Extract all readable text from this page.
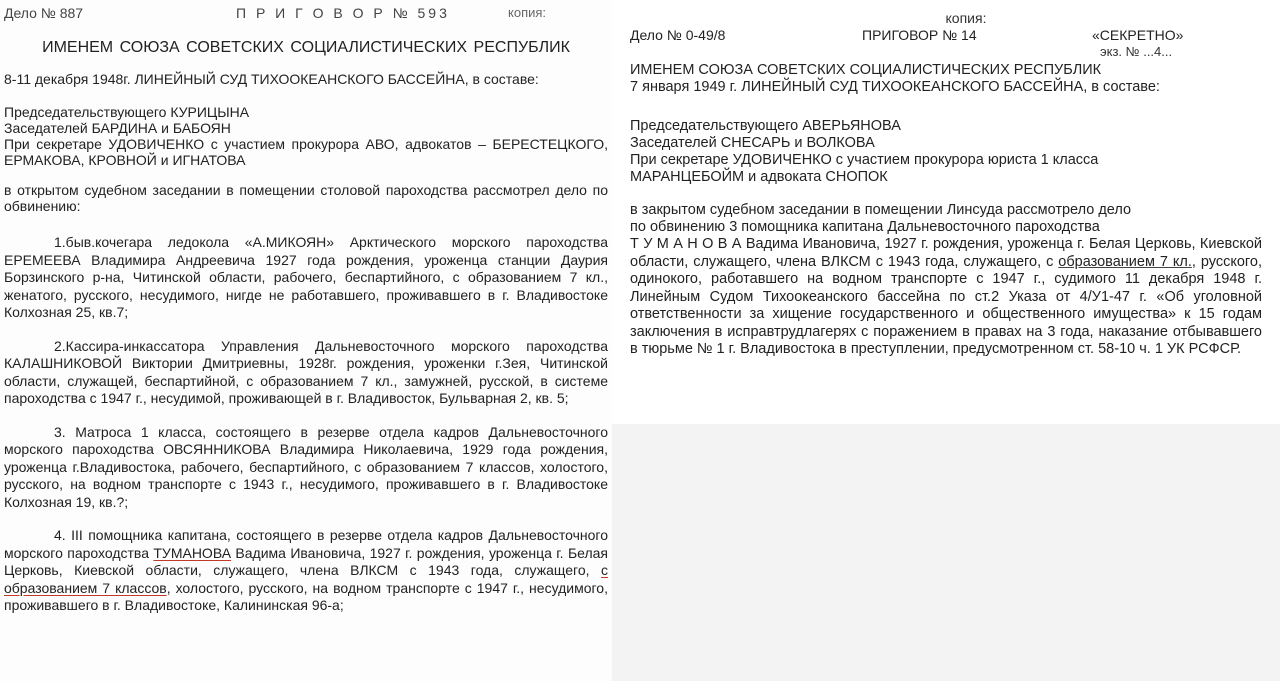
Дело № 887	П Р И Г О В О Р № 593	копия:
ИМЕНЕМ СОЮЗА СОВЕТСКИХ СОЦИАЛИСТИЧЕСКИХ РЕСПУБЛИК
8-11 декабря 1948г. ЛИНЕЙНЫЙ СУД ТИХООКЕАНСКОГО БАССЕЙНА, в составе:

Председательствующего КУРИЦЫНА

Заседателей БАРДИНА и БАБОЯН

При секретаре УДОВИЧЕНКО с участием прокурора АВО, адвокатов – БЕРЕСТЕЦКОГО, ЕРМАКОВА, КРОВНОЙ и ИГНАТОВА

в открытом судебном заседании в помещении столовой пароходства рассмотрел дело по обвинению:

1.быв.кочегара ледокола «А.МИКОЯН» Арктического морского пароходства ЕРЕМЕЕВА Владимира Андреевича 1927 года рождения, уроженца станции Даурия Борзинского р-на, Читинской области, рабочего, беспартийного, с образованием 7 кл., женатого, русского, несудимого, нигде не работавшего, проживавшего в г. Владивостоке Колхозная 25, кв.7;

2.Кассира-инкассатора Управления Дальневосточного морского пароходства КАЛАШНИКОВОЙ Виктории Дмитриевны, 1928г. рождения, уроженки г.Зея, Читинской области, служащей, беспартийной, с образованием 7 кл., замужней, русской, в системе пароходства с 1947 г., несудимой, проживающей в г. Владивосток, Бульварная 2, кв. 5;

3. Матроса 1 класса, состоящего в резерве отдела кадров Дальневосточного морского пароходства ОВСЯННИКОВА Владимира Николаевича, 1929 года рождения, уроженца г.Владивостока, рабочего, беспартийного, с образованием 7 классов, холостого, русского, на водном транспорте с 1943 г., несудимого, проживавшего в г. Владивостоке Колхозная 19, кв.?;

4. III помощника капитана, состоящего в резерве отдела кадров Дальневосточного морского пароходства ТУМАНОВА Вадима Ивановича, 1927 г. рождения, уроженца г. Белая Церковь, Киевской области, служащего, члена ВЛКСМ с 1943 года, служащего, с образованием 7 классов, холостого, русского, на водном транспорте с 1947 г., несудимого, проживавшего в г. Владивостоке, Калининская 96-а;

копия:
Дело № 0-49/8	ПРИГОВОР № 14	«СЕКРЕТНО»
экз. № ...4...
ИМЕНЕМ СОЮЗА СОВЕТСКИХ СОЦИАЛИСТИЧЕСКИХ РЕСПУБЛИК
7 января 1949 г. ЛИНЕЙНЫЙ СУД ТИХООКЕАНСКОГО БАССЕЙНА, в составе:

Председательствующего АВЕРЬЯНОВА

Заседателей СНЕСАРЬ и ВОЛКОВА

При секретаре УДОВИЧЕНКО с участием прокурора юриста 1 класса

МАРАНЦЕБОЙМ и адвоката СНОПОК

в закрытом судебном заседании в помещении Линсуда рассмотрело дело

по обвинению 3 помощника капитана Дальневосточного пароходства

Т У М А Н О В А Вадима Ивановича, 1927 г. рождения, уроженца г. Белая Церковь, Киевской области, служащего, члена ВЛКСМ с 1943 года, служащего, с образованием 7 кл., русского, одинокого, работавшего на водном транспорте с 1947 г., судимого 11 декабря 1948 г. Линейным Судом Тихоокеанского бассейна по ст.2 Указа от 4/У1-47 г. «Об уголовной ответственности за хищение государственного и общественного имущества» к 15 годам заключения в исправтрудлагерях с поражением в правах на 3 года, наказание отбывавшего в тюрьме № 1 г. Владивостока в преступлении, предусмотренном ст. 58-10 ч. 1 УК РСФСР.
